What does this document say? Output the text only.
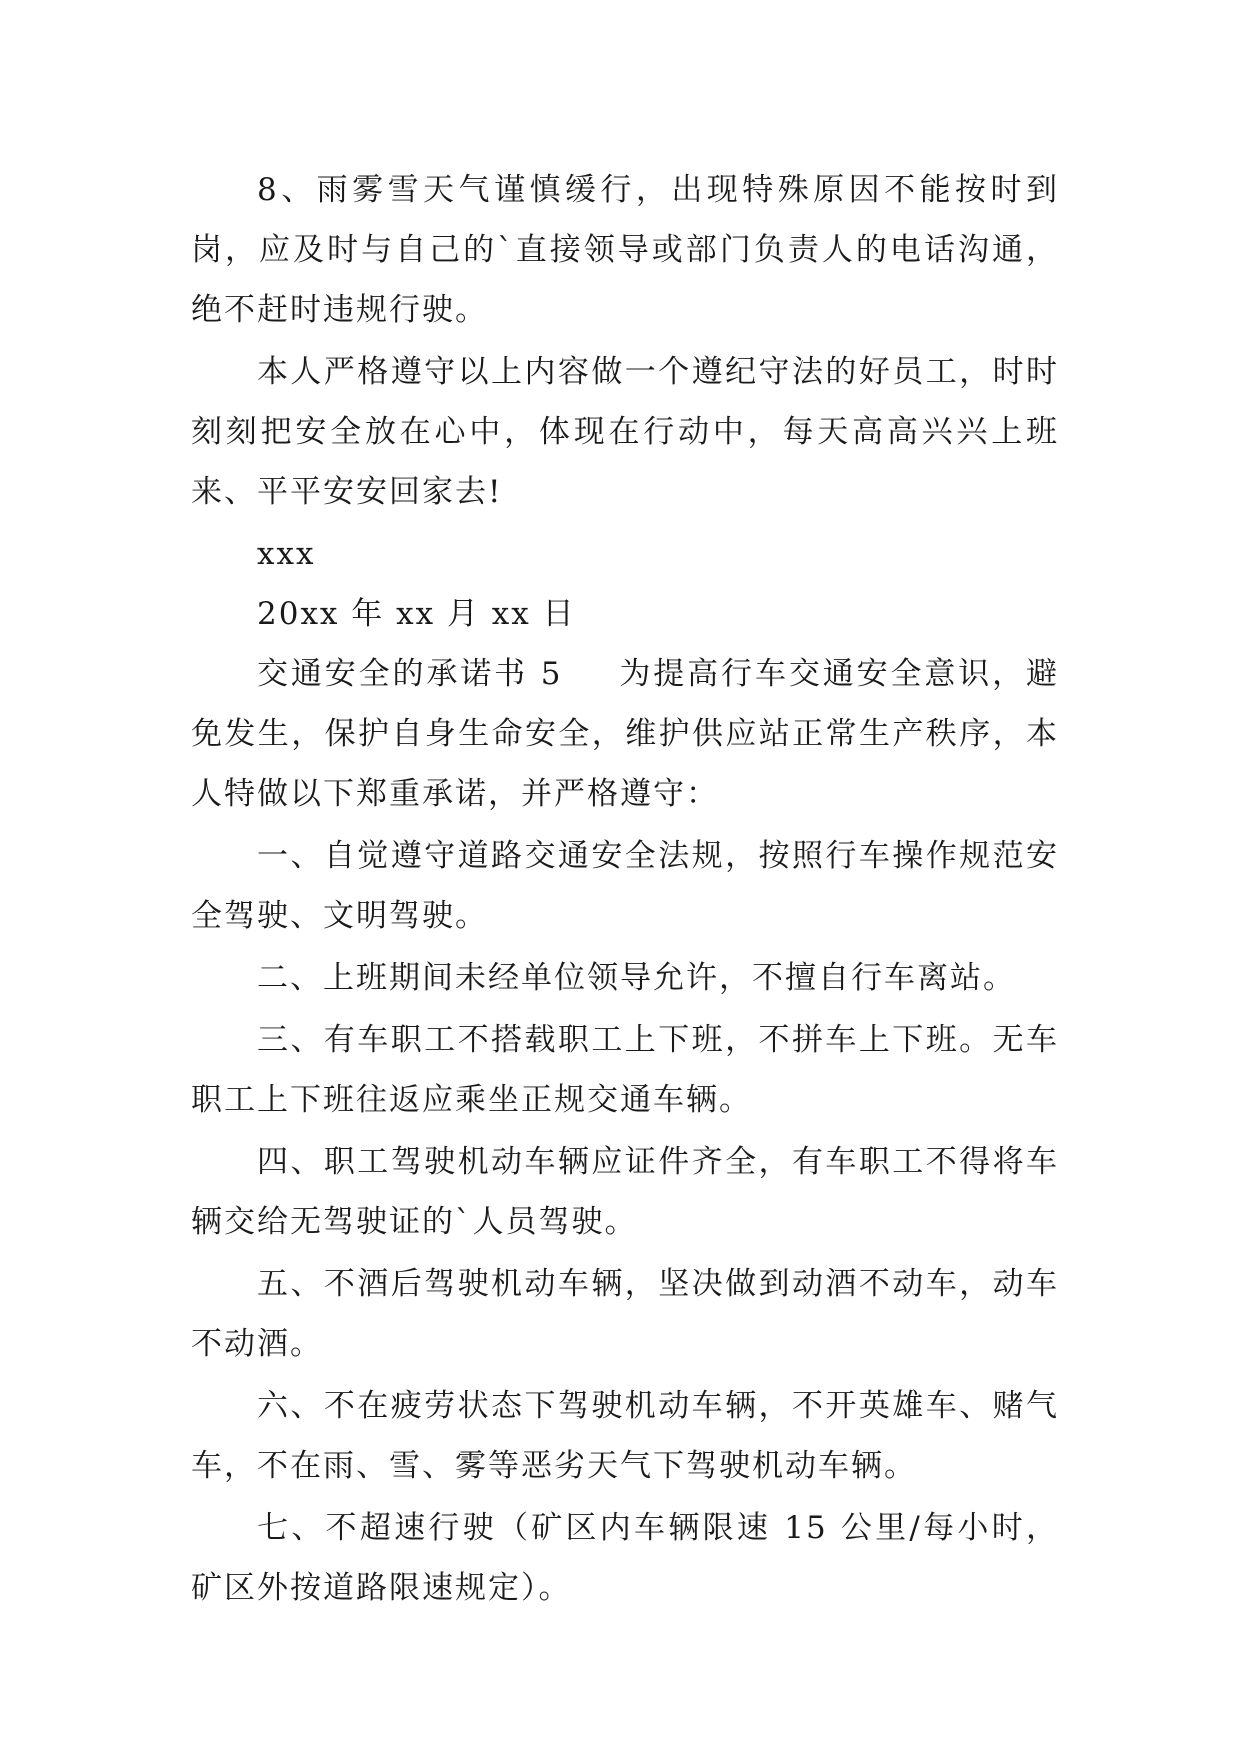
8、雨雾雪天气谨慎缓行，出现特殊原因不能按时到岗，应及时与自己的`直接领导或部门负责人的电话沟通，绝不赶时违规行驶。

本人严格遵守以上内容做一个遵纪守法的好员工，时时刻刻把安全放在心中，体现在行动中，每天高高兴兴上班来、平平安安回家去!

xxx

20xx 年 xx 月 xx 日

交通安全的承诺书 5 为提高行车交通安全意识，避免发生，保护自身生命安全，维护供应站正常生产秩序，本人特做以下郑重承诺，并严格遵守：

一、自觉遵守道路交通安全法规，按照行车操作规范安全驾驶、文明驾驶。

二、上班期间未经单位领导允许，不擅自行车离站。

三、有车职工不搭载职工上下班，不拼车上下班。无车职工上下班往返应乘坐正规交通车辆。

四、职工驾驶机动车辆应证件齐全，有车职工不得将车辆交给无驾驶证的`人员驾驶。

五、不酒后驾驶机动车辆，坚决做到动酒不动车，动车不动酒。

六、不在疲劳状态下驾驶机动车辆，不开英雄车、赌气车，不在雨、雪、雾等恶劣天气下驾驶机动车辆。

七、不超速行驶（矿区内车辆限速 15 公里/每小时，矿区外按道路限速规定）。
